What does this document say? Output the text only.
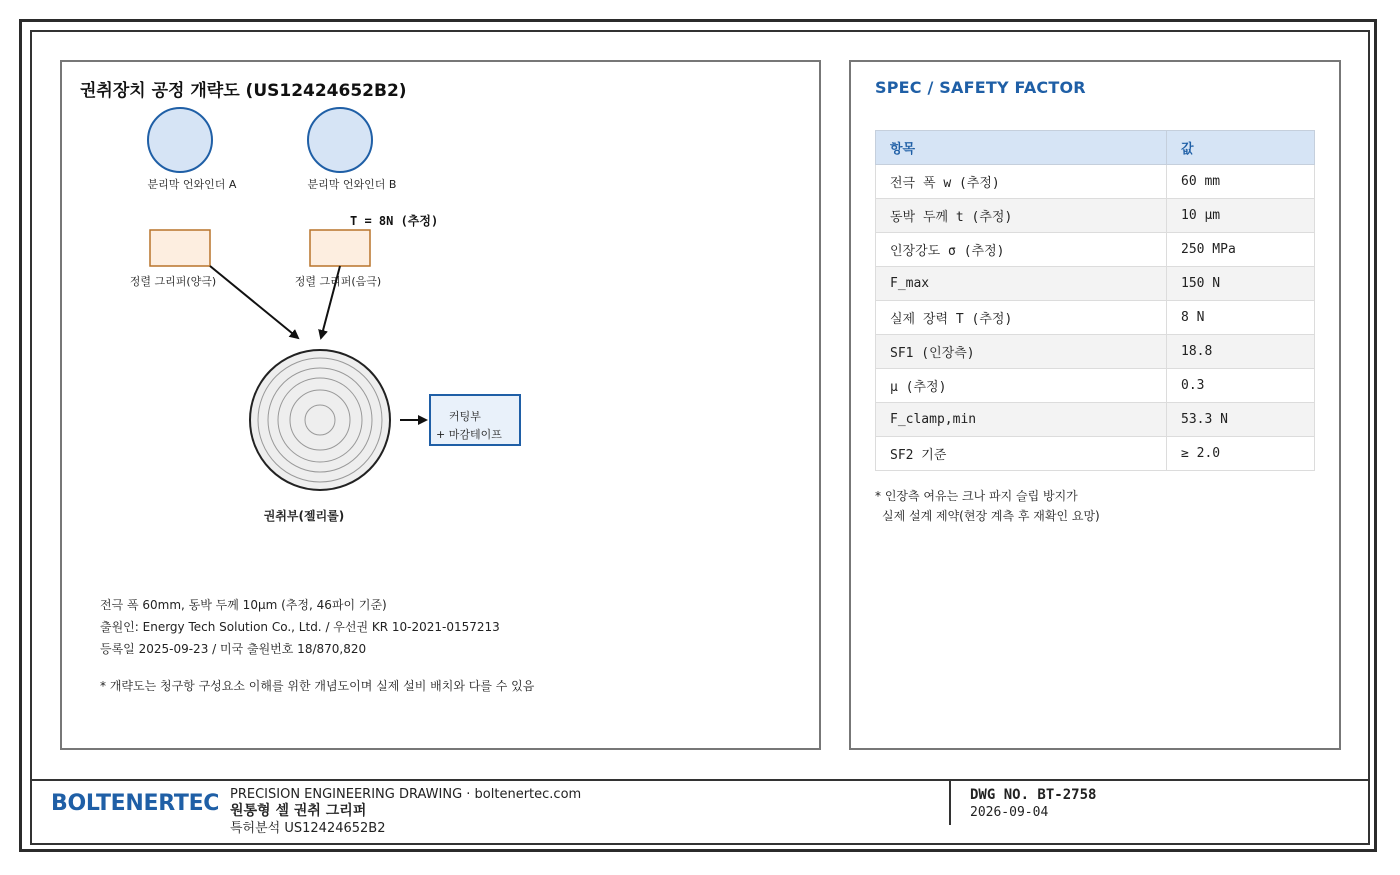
권취장치 공정 개략도 (US12424652B2)
분리막 언와인더 A	분리막 언와인더 B
T = 8N (추정)
정렬 그리퍼(양극)	정렬 그리퍼(음극)
권취부(젤리롤)
커팅부
+ 마감테이프
전극 폭 60mm, 동박 두께 10μm (추정, 46파이 기준)
출원인: Energy Tech Solution Co., Ltd. / 우선권 KR 10-2021-0157213
등록일 2025-09-23 / 미국 출원번호 18/870,820
* 개략도는 청구항 구성요소 이해를 위한 개념도이며 실제 설비 배치와 다를 수 있음
SPEC / SAFETY FACTOR
항목	값
전극 폭 w (추정)	60 mm
동박 두께 t (추정)	10 μm
인장강도 σ (추정)	250 MPa
F_max	150 N
실제 장력 T (추정)	8 N
SF1 (인장측)	18.8
μ (추정)	0.3
F_clamp,min	53.3 N
SF2 기준	≥ 2.0
* 인장측 여유는 크나 파지 슬립 방지가
실제 설계 제약(현장 계측 후 재확인 요망)
BOLTENERTEC PRECISION ENGINEERING DRAWING · boltenertec.com
원통형 셀 권취 그리퍼
특허분석 US12424652B2
DWG NO. BT-2758
2026-09-04
